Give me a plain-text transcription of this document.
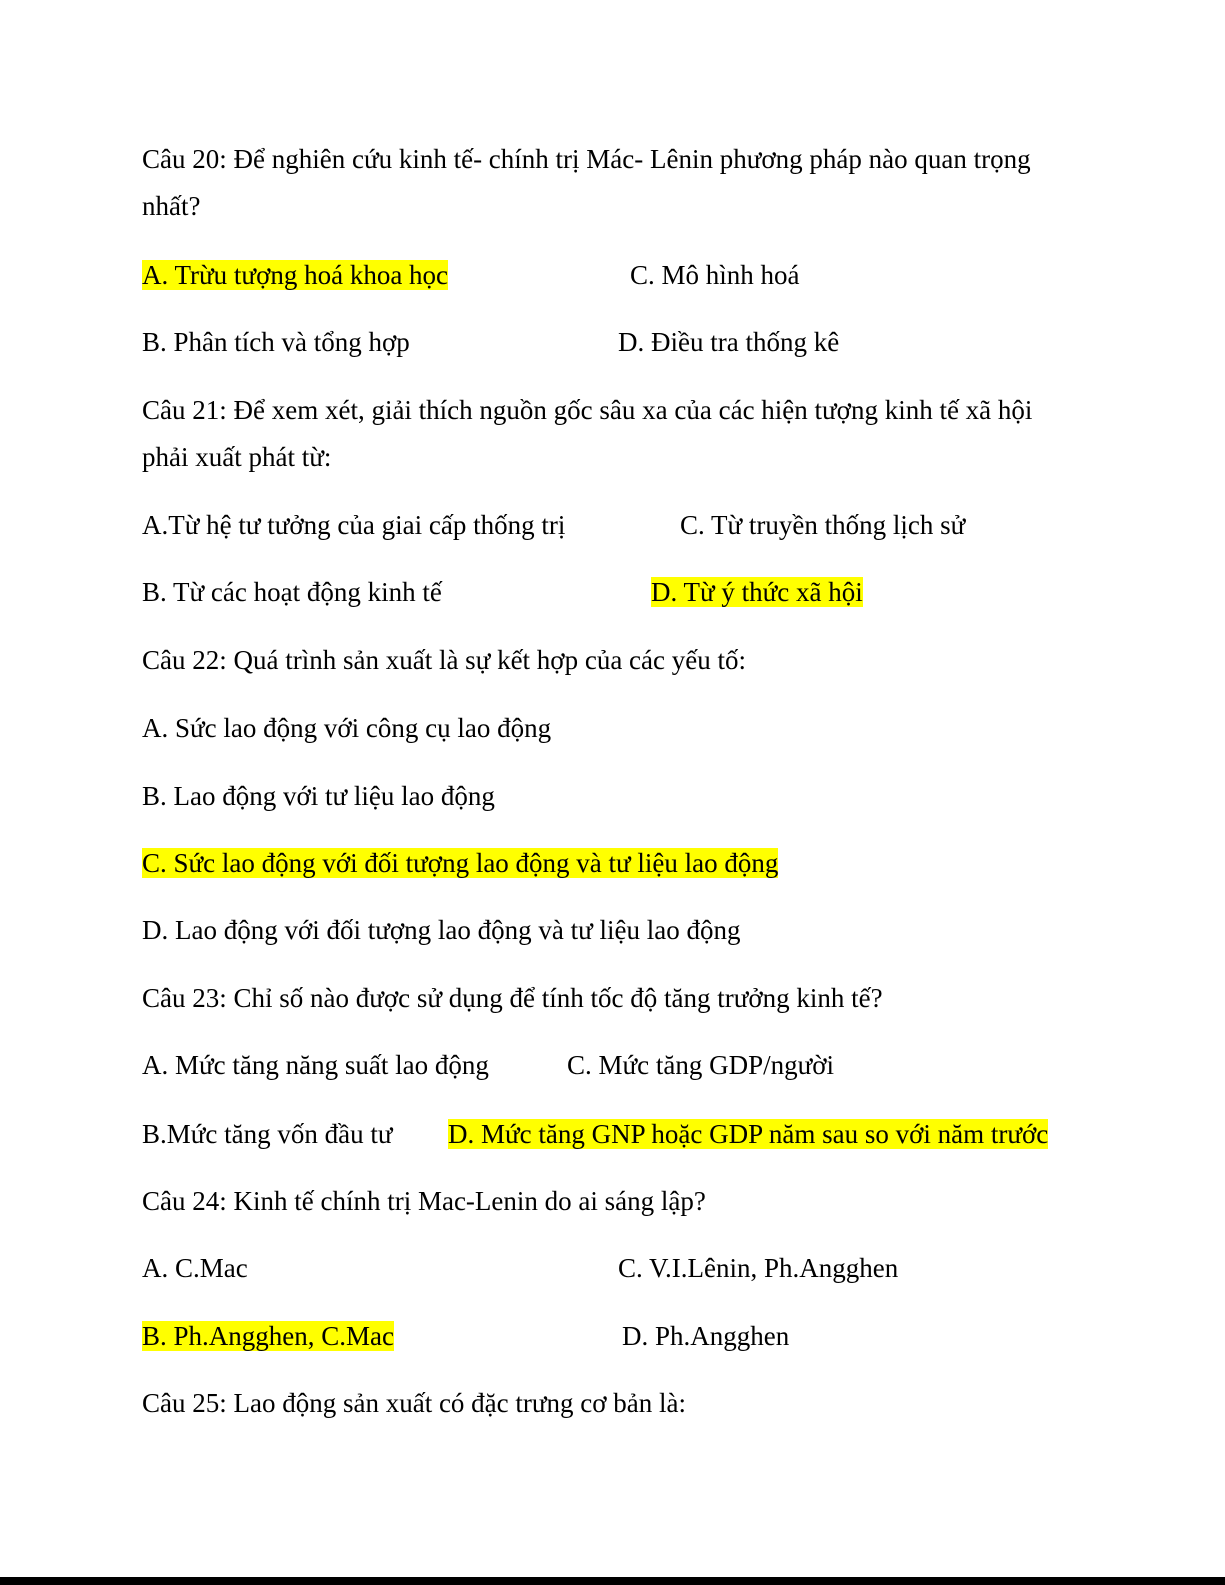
Câu 20: Để nghiên cứu kinh tế- chính trị Mác- Lênin phương pháp nào quan trọng
nhất?
A. Trừu tượng hoá khoa học	C. Mô hình hoá
B. Phân tích và tổng hợp	D. Điều tra thống kê
Câu 21: Để xem xét, giải thích nguồn gốc sâu xa của các hiện tượng kinh tế xã hội
phải xuất phát từ:
A.Từ hệ tư tưởng của giai cấp thống trị	C. Từ truyền thống lịch sử
B. Từ các hoạt động kinh tế	D. Từ ý thức xã hội
Câu 22: Quá trình sản xuất là sự kết hợp của các yếu tố:
A. Sức lao động với công cụ lao động
B. Lao động với tư liệu lao động
C. Sức lao động với đối tượng lao động và tư liệu lao động
D. Lao động với đối tượng lao động và tư liệu lao động
Câu 23: Chỉ số nào được sử dụng để tính tốc độ tăng trưởng kinh tế?
A. Mức tăng năng suất lao động	C. Mức tăng GDP/người
B.Mức tăng vốn đầu tư D. Mức tăng GNP hoặc GDP năm sau so với năm trước
Câu 24: Kinh tế chính trị Mac-Lenin do ai sáng lập?
A. C.Mac	C. V.I.Lênin, Ph.Angghen
B. Ph.Angghen, C.Mac	D. Ph.Angghen
Câu 25: Lao động sản xuất có đặc trưng cơ bản là:
